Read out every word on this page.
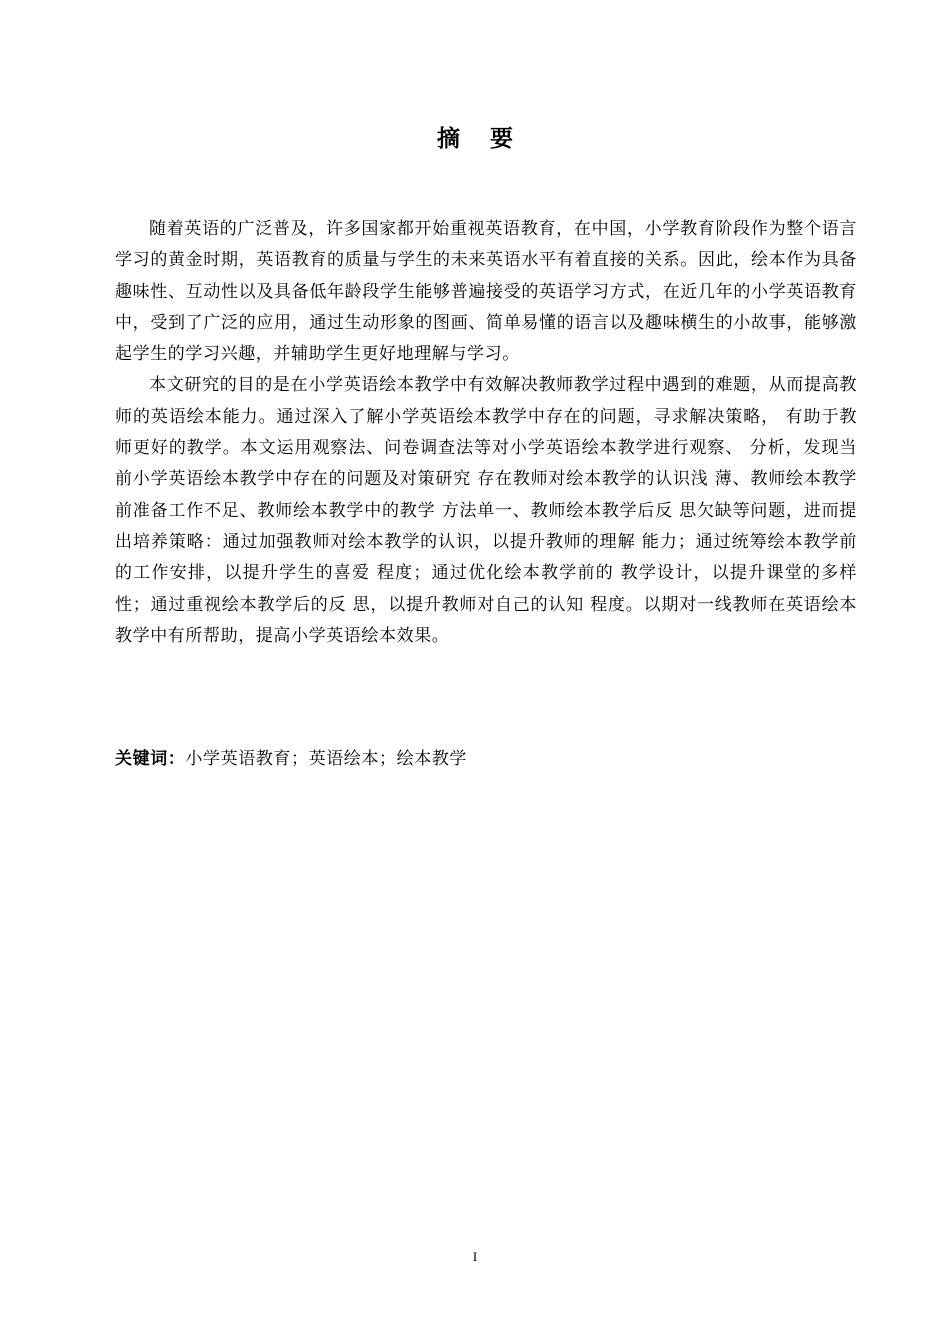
摘要

随着英语的广泛普及，许多国家都开始重视英语教育，在中国，小学教育阶段作为整个语言学习的黄金时期，英语教育的质量与学生的未来英语水平有着直接的关系。因此，绘本作为具备趣味性、互动性以及具备低年龄段学生能够普遍接受的英语学习方式，在近几年的小学英语教育中，受到了广泛的应用，通过生动形象的图画、简单易懂的语言以及趣味横生的小故事，能够激起学生的学习兴趣，并辅助学生更好地理解与学习。

本文研究的目的是在小学英语绘本教学中有效解决教师教学过程中遇到的难题，从而提高教师的英语绘本能力。通过深入了解小学英语绘本教学中存在的问题，寻求解决策略， 有助于教师更好的教学。本文运用观察法、问卷调查法等对小学英语绘本教学进行观察、 分析，发现当前小学英语绘本教学中存在的问题及对策研究 存在教师对绘本教学的认识浅 薄、教师绘本教学前准备工作不足、教师绘本教学中的教学 方法单一、教师绘本教学后反 思欠缺等问题，进而提出培养策略：通过加强教师对绘本教学的认识，以提升教师的理解 能力；通过统筹绘本教学前的工作安排，以提升学生的喜爱 程度；通过优化绘本教学前的 教学设计，以提升课堂的多样性；通过重视绘本教学后的反 思，以提升教师对自己的认知 程度。以期对一线教师在英语绘本教学中有所帮助，提高小学英语绘本效果。

关键词：小学英语教育；英语绘本；绘本教学
I
